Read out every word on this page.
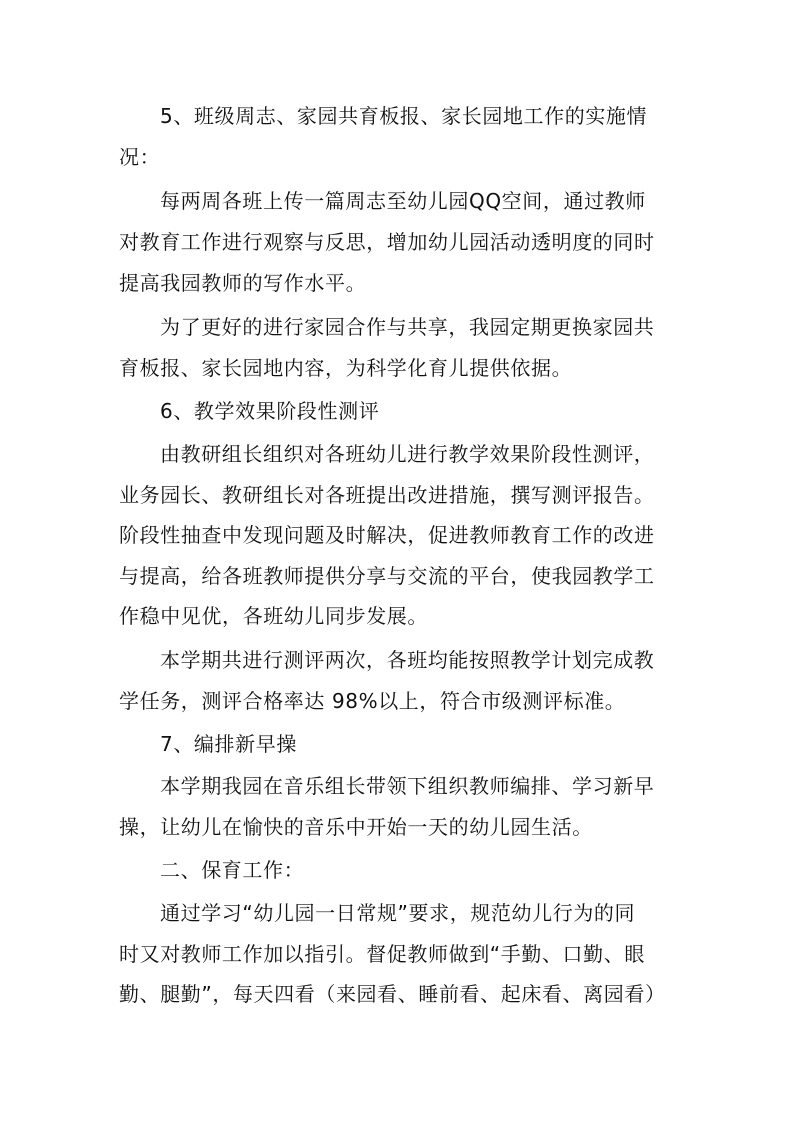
5、班级周志、家园共育板报、家长园地工作的实施情
况：
每两周各班上传一篇周志至幼儿园QQ空间，通过教师
对教育工作进行观察与反思，增加幼儿园活动透明度的同时
提高我园教师的写作水平。
为了更好的进行家园合作与共享，我园定期更换家园共
育板报、家长园地内容，为科学化育儿提供依据。
6、教学效果阶段性测评
由教研组长组织对各班幼儿进行教学效果阶段性测评，
业务园长、教研组长对各班提出改进措施，撰写测评报告。
阶段性抽查中发现问题及时解决，促进教师教育工作的改进
与提高，给各班教师提供分享与交流的平台，使我园教学工
作稳中见优，各班幼儿同步发展。
本学期共进行测评两次，各班均能按照教学计划完成教
学任务，测评合格率达 98%以上，符合市级测评标准。
7、编排新早操
本学期我园在音乐组长带领下组织教师编排、学习新早
操，让幼儿在愉快的音乐中开始一天的幼儿园生活。
二、保育工作：
通过学习“幼儿园一日常规”要求，规范幼儿行为的同
时又对教师工作加以指引。督促教师做到“手勤、口勤、眼
勤、腿勤”，每天四看（来园看、睡前看、起床看、离园看）
